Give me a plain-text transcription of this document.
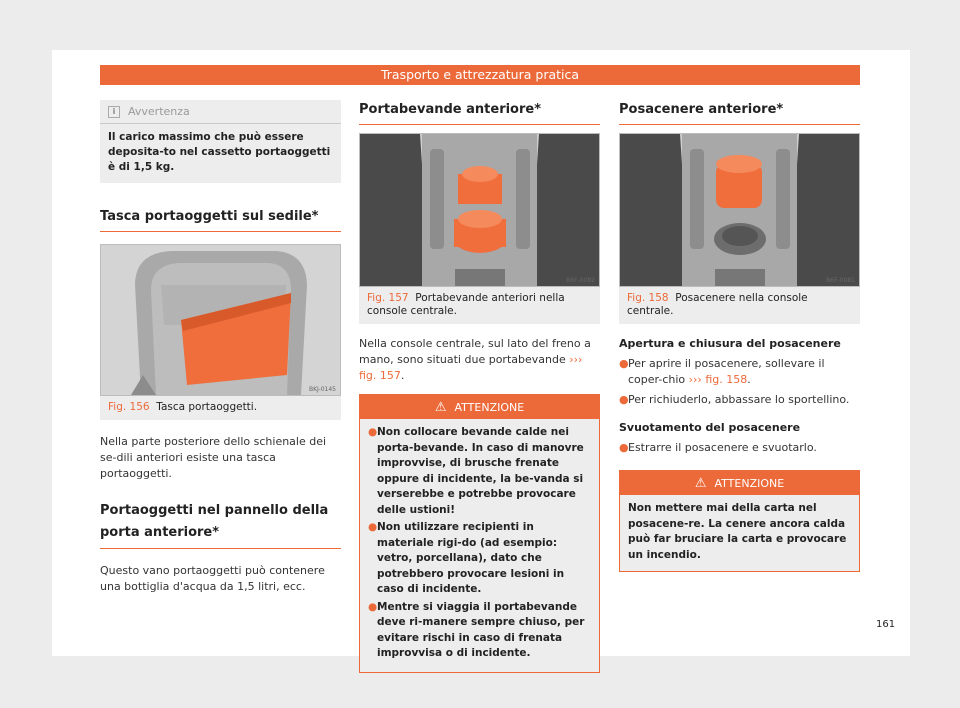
Trasporto e attrezzatura pratica
i	Avvertenza
Il carico massimo che può essere deposita-to nel cassetto portaoggetti è di 1,5 kg.
Tasca portaoggetti sul sedile*
BKJ-0145
Fig. 156 Tasca portaoggetti.
Nella parte posteriore dello schienale dei se-dili anteriori esiste una tasca portaoggetti.
Portaoggetti nel pannello della
porta anteriore*
Questo vano portaoggetti può contenere una bottiglia d'acqua da 1,5 litri, ecc.
Portabevande anteriore*
B6F-0082
Fig. 157 Portabevande anteriori nella console centrale.
Nella console centrale, sul lato del freno a mano, sono situati due portabevande ››› fig. 157.
⚠ ATTENZIONE
● Non collocare bevande calde nei porta-bevande. In caso di manovre improvvise, di brusche frenate oppure di incidente, la be-vanda si verserebbe e potrebbe provocare delle ustioni!
● Non utilizzare recipienti in materiale rigi-do (ad esempio: vetro, porcellana), dato che potrebbero provocare lesioni in caso di incidente.
● Mentre si viaggia il portabevande deve ri-manere sempre chiuso, per evitare rischi in caso di frenata improvvisa o di incidente.
Posacenere anteriore*
B6F-0081
Fig. 158 Posacenere nella console centrale.
Apertura e chiusura del posacenere
● Per aprire il posacenere, sollevare il coper-chio ››› fig. 158.
● Per richiuderlo, abbassare lo sportellino.
Svuotamento del posacenere
● Estrarre il posacenere e svuotarlo.
⚠ ATTENZIONE
Non mettere mai della carta nel posacene-re. La cenere ancora calda può far bruciare la carta e provocare un incendio.
161
